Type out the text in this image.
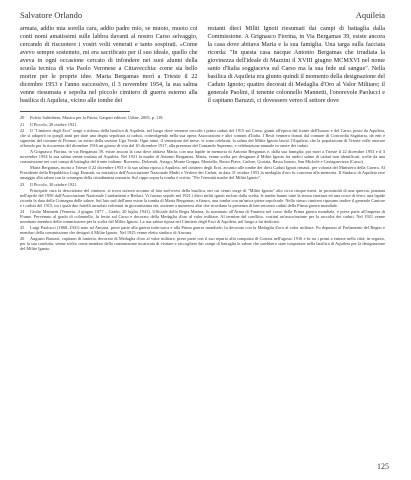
Salvatore Orlando	Aquileia

armata, addio mia sorella cara, addio padre mio, se muoio, muoio coi conti nomi amatissimi sulle labbra davanti al nostro Carso selvaggio, cercando di riscuotere i vostri volti venerati e tanto sospirati. «Come avevo sempre sostenuto, mi era sacrificato per il suo ideale, quello che aveva in ogni occasione cercato di infondere nei suoi alunni della scuola tecnica di via Paolo Veronese a Cittavecchia: come sia bello morire per le proprie idee. Maria Bergamas morì a Trieste il 22 dicembre 1953 e l'anno successivo, il 3 novembre 1954, la sua salma venne riesumata e sepolta nel piccolo cimitero di guerra esterno alla basilica di Aquileia, vicino alle tombe dei

restanti dieci Militi Ignoti riesumati dai campi di battaglia dalla Commissione. A Grignasco Fiorina, in Via Bergamas 39, esiste ancora la casa dove abitava Maria e la sua famiglia. Una targa sulla facciata ricorda: "In questa casa nacque Antonio Bergamas che irradiata la giovinezza dell'ideale di Mazzini il XVIII giugno MCMXVI nel nome santo d'Italia soggiaceva sul Carso ma la sua fede sul sangue". Nella basilica di Aquileia era giunto quindi il momento della designazione del Caduto Ignoto; quattro decorati di Medaglia d'Oro al Valor Militare; il generale Paolini, il tenente colonnello Mannetti, l'onorevole Paolucci e il capitano Baruzzi, ci dovessero vereo il settore dove

20 Fulvio Salimbeni, Musica per la Patria, Gaspari editore, Udine, 2005, p. 118.

21 Il Piccolo, 28 ottobre 1921.

22 Il "Cimitero degli Eroi" sorge a ridosso della basilica di Aquileia, nel luogo dove vennero raccolti i primi caduti del 1915 sul Carso, giunti all'epoca dal fronte dell'Isonzo e del Carso, posto da Aquileia, che si adoperò in quegli anni per dare una degna sepoltura ai caduti, coinvolgendo nella sua opera Associazioni e altri comuni d'Italia. I Resti vennero donati dal comune di Concordia Sagittaria, da enti e signorini del comune di Firenze, su invito della sezione Ugo Verda. Ogni anno, il ventesimo del mese, vi sono celebrati, la salma del Milite Ignoto lasciò l'Aquileia, che la popolazione di Trieste volle onorare offrendo per la ricorrenza del dicembre 1916 un giorno di vita dal 10 dicembre 1917, alla presenza del Comando Supremo, e celebrazione annuale in onore dei caduti.

A Grignasco Fiorina, in via Bergamas 39, esiste ancora la casa dove abitava Maria, con una lapide in memoria di Antonio Bergamas e, dalla sua famiglia; poi morì a Trieste il 22 dicembre 1953 e il 3 novembre 1954 la sua salma venne traslata ad Aquileia. Nel 1921 la madre di Antonio Bergamas, Maria, venne scelta per designare il Milite Ignoto fra undici salme di caduti non identificati, scelte da una commissione nei vari campi di battaglia del fronte italiano: Rovereto, Dolomiti, Asiago, Monte Grappa, Montello, Basso Piave, Cadore, Gorizia, Basso Isonzo, San Michele e Castagnevizza (Carso).

Maria Bergamas, morta a Trieste il 22 dicembre 1953 e la sua salma riposa a Aquileia, nel cimitero degli Eroi, accanto alle tombe dei dieci Caduti Ignoti rimasti, per volontà del Ministero della Guerra. Al Presidente della Repubblica Luigi Einaudi, su iniziativa dell'Associazione Nazionale Madri e Vedove dei Caduti, in data 31 ottobre 1953 la medaglia d'oro fu concessa alla memoria. Il Sindaco di Aquileia rese omaggio alla salma con la consegna della cittadinanza onoraria. Sul cippo sopra la tomba è scritto: "Per l'eternità madre del Milite Ignoto".

23 Il Piccolo, 30 ottobre 1921.

Principale cura la descrizione del cimitero, si trova un'area accanto al lato sud-ovest della basilica, nei cui centri sorge di "Milite Ignoto" alto circa cinque metri, in prossimità di una quercia, piantata nell'aprile del 1950 dall'Associazione Nazionale Combattenti e Reduci. Vi furono sepolti nel 1921 i dieci militi ignoti esclusi dalla scelta; le tombe hanno tutte la stessa struttura ed una croce di ferro; una lapide ricorda la data della Consegna delle salme. Sul lato sud dell'area esiste la tomba di Maria Bergamas; a fianco, una tomba con un'unica pietra sepolcrale. Nello stesso cimitero riposano inoltre il generale Cantore e i caduti del 1915, tra i quali due fratelli arruolati volontari in giovanissima età, assieme a numerosi altri che ricordano la presenza di ben seicento caduti della Prima guerra mondiale.

24 Giulio Mannetti (Venezia, 4 giugno 1877 – Grado, 20 luglio 1941). Ufficiale della Regia Marina, fu nominato all'Arma di Fanteria nel corso della Prima guerra mondiale, e prese parte all'impresa di Fiume. Pervenuto al grado di colonnello, fu ferito sul Carso e decorato della Medaglia d'oro al valor militare. Al termine del conflitto, costituì un'associazione per la raccolta dei caduti. Nel 1921 venne nominato membro della commissione per la scelta del Milite Ignoto. La sua salma riposa nel Cimitero degli Eroi di Aquileia, nel luogo a lui dedicato.

25 Luigi Paolucci (1868–1941) nato ad Ancona, prese parte alla guerra italo-turca e alla Prima guerra mondiale; fu decorato con la Medaglia d'oro al valor militare. Fu deputato al Parlamento del Regno e membro della commissione che designò il Milite Ignoto. Nel 1925 venne eletto sindaco di Ancona.

26 Augusto Baruzzi, capitano di fanteria, decorato di Medaglia d'oro al valor militare, prese parte con il suo reparto alla conquista di Gorizia nell'agosto 1916 e fu tra i primi a entrare nella città; in seguito, per la sua condotta, venne scelto come membro della commissione incaricata di visitare e raccogliere dai campi di battaglia le salme che sarebbero state trasportate nella basilica di Aquileia per la designazione del Milite Ignoto.

125
